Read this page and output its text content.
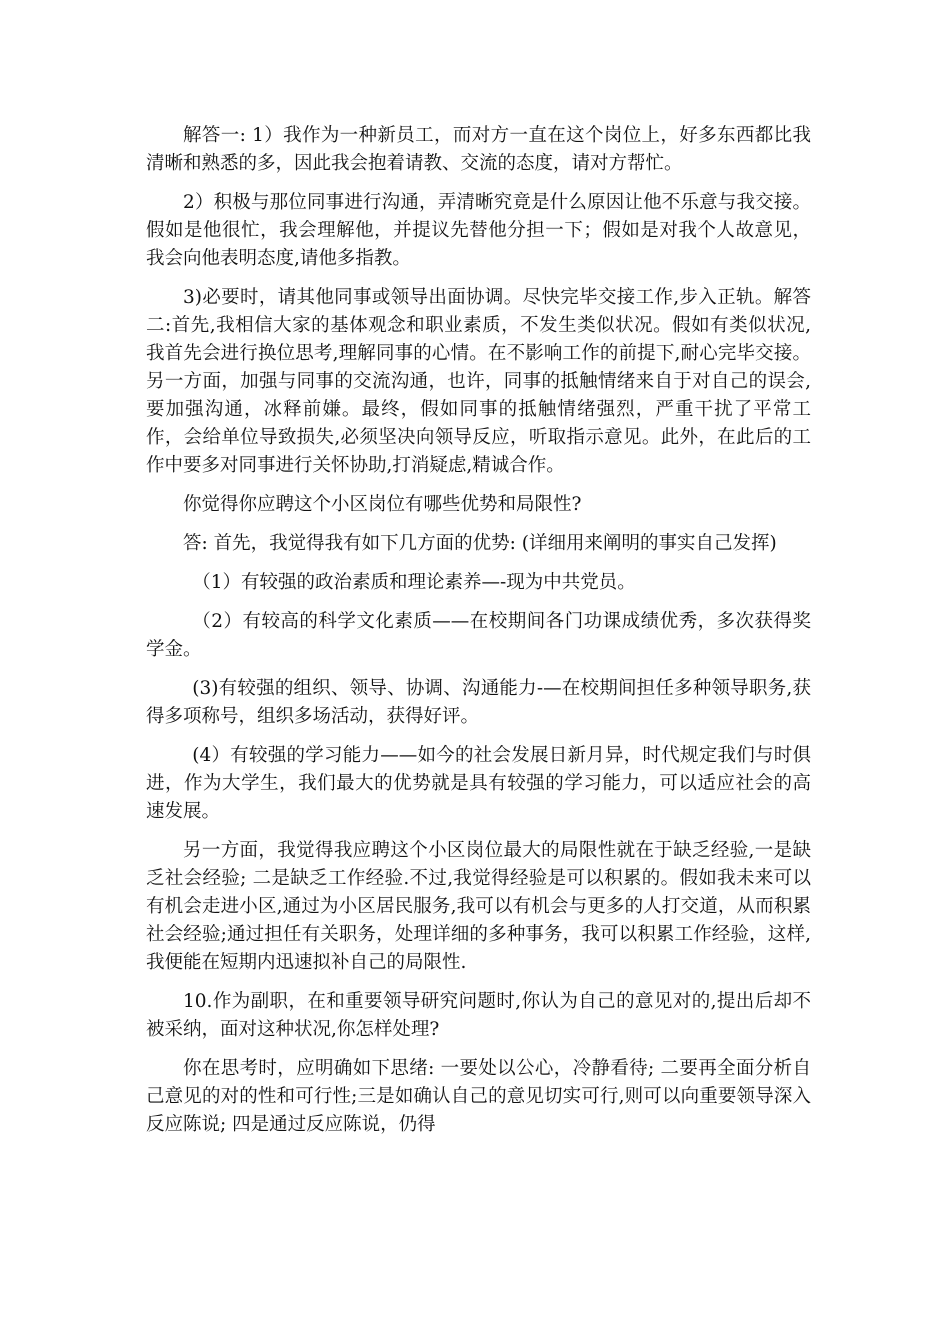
解答一: 1）我作为一种新员工，而对方一直在这个岗位上，好多东西都比我清晰和熟悉的多，因此我会抱着请教、交流的态度，请对方帮忙。

2）积极与那位同事进行沟通，弄清晰究竟是什么原因让他不乐意与我交接。假如是他很忙，我会理解他，并提议先替他分担一下；假如是对我个人故意见，我会向他表明态度,请他多指教。

3)必要时，请其他同事或领导出面协调。尽快完毕交接工作,步入正轨。解答二:首先,我相信大家的基体观念和职业素质，不发生类似状况。假如有类似状况,我首先会进行换位思考,理解同事的心情。在不影响工作的前提下,耐心完毕交接。另一方面，加强与同事的交流沟通，也许，同事的抵触情绪来自于对自己的误会,要加强沟通，冰释前嫌。最终，假如同事的抵触情绪强烈，严重干扰了平常工作，会给单位导致损失,必须坚决向领导反应，听取指示意见。此外，在此后的工作中要多对同事进行关怀协助,打消疑虑,精诚合作。

你觉得你应聘这个小区岗位有哪些优势和局限性?

答: 首先，我觉得我有如下几方面的优势: (详细用来阐明的事实自己发挥)

（1）有较强的政治素质和理论素养—-现为中共党员。

（2）有较高的科学文化素质——在校期间各门功课成绩优秀，多次获得奖学金。

(3)有较强的组织、领导、协调、沟通能力-—在校期间担任多种领导职务,获得多项称号，组织多场活动，获得好评。

(4）有较强的学习能力——如今的社会发展日新月异，时代规定我们与时俱进，作为大学生，我们最大的优势就是具有较强的学习能力，可以适应社会的高速发展。

另一方面，我觉得我应聘这个小区岗位最大的局限性就在于缺乏经验,一是缺乏社会经验; 二是缺乏工作经验.不过,我觉得经验是可以积累的。假如我未来可以有机会走进小区,通过为小区居民服务,我可以有机会与更多的人打交道，从而积累社会经验;通过担任有关职务，处理详细的多种事务，我可以积累工作经验，这样,我便能在短期内迅速拟补自己的局限性.

10.作为副职，在和重要领导研究问题时,你认为自己的意见对的,提出后却不被采纳，面对这种状况,你怎样处理?

你在思考时，应明确如下思绪: 一要处以公心，冷静看待; 二要再全面分析自己意见的对的性和可行性;三是如确认自己的意见切实可行,则可以向重要领导深入反应陈说; 四是通过反应陈说，仍得
